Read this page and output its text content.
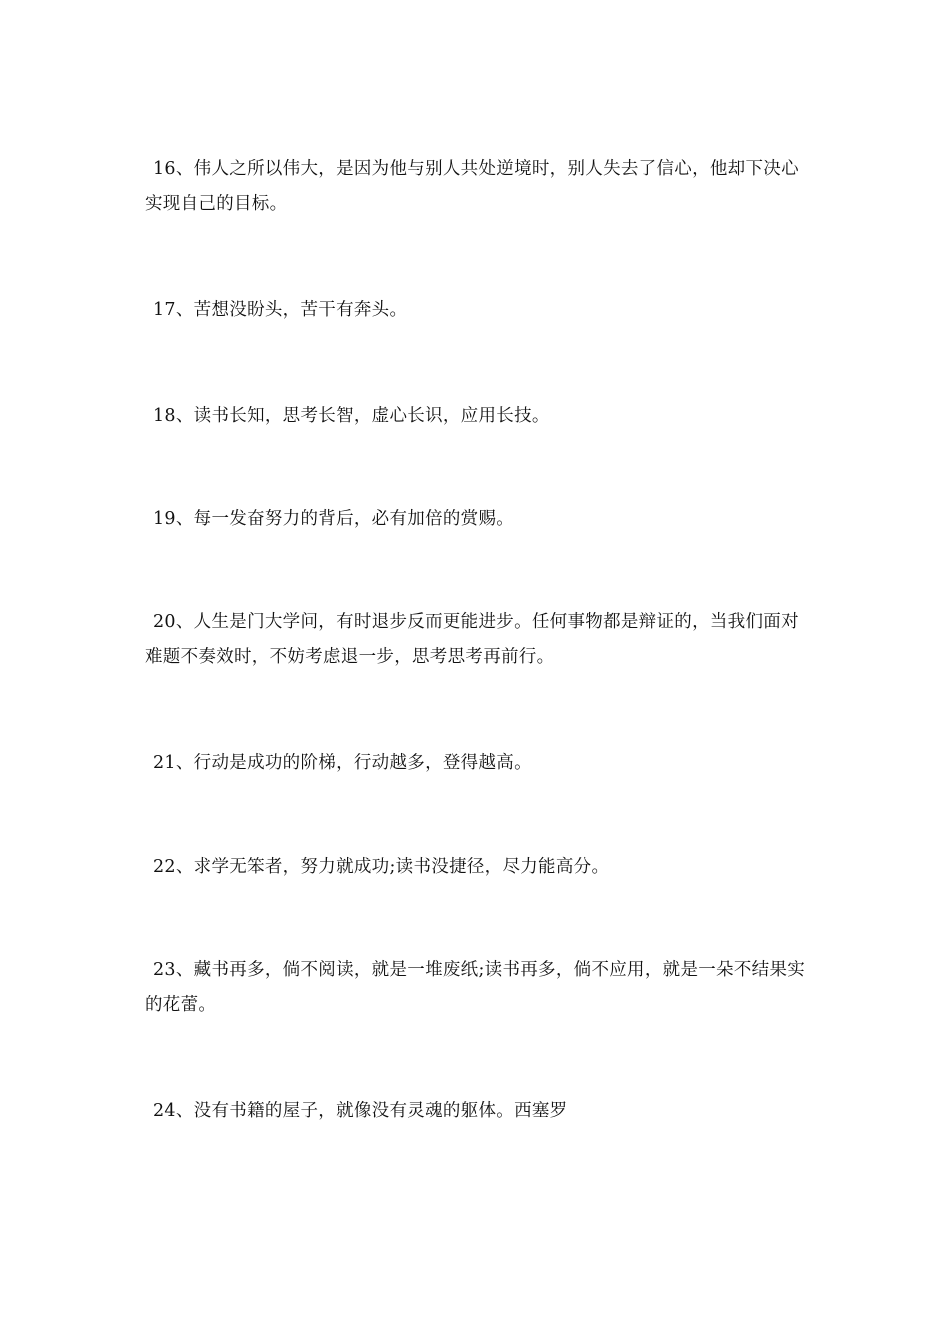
16、伟人之所以伟大，是因为他与别人共处逆境时，别人失去了信心，他却下决心实现自己的目标。

17、苦想没盼头，苦干有奔头。

18、读书长知，思考长智，虚心长识，应用长技。

19、每一发奋努力的背后，必有加倍的赏赐。

20、人生是门大学问，有时退步反而更能进步。任何事物都是辩证的，当我们面对难题不奏效时，不妨考虑退一步，思考思考再前行。

21、行动是成功的阶梯，行动越多，登得越高。

22、求学无笨者，努力就成功;读书没捷径，尽力能高分。

23、藏书再多，倘不阅读，就是一堆废纸;读书再多，倘不应用，就是一朵不结果实的花蕾。

24、没有书籍的屋子，就像没有灵魂的躯体。西塞罗
